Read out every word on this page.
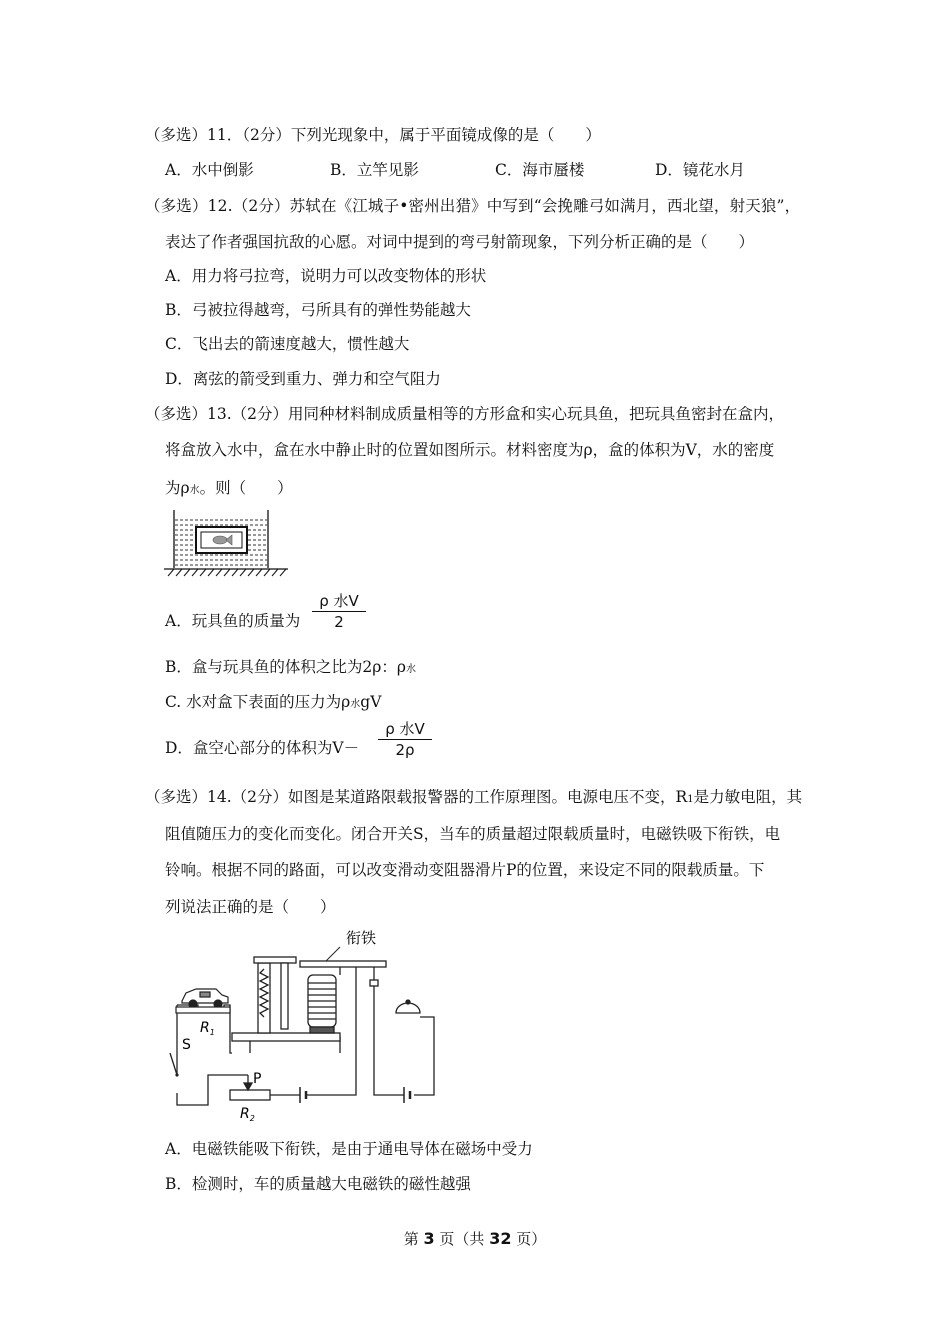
（多选）11．（2分）下列光现象中，属于平面镜成像的是（　　）
A．水中倒影	B．立竿见影	C．海市蜃楼	D．镜花水月
（多选）12.（2分）苏轼在《江城子•密州出猎》中写到“会挽雕弓如满月，西北望，射天狼”，
表达了作者强国抗敌的心愿。对词中提到的弯弓射箭现象，下列分析正确的是（　　）
A．用力将弓拉弯，说明力可以改变物体的形状
B．弓被拉得越弯，弓所具有的弹性势能越大
C．飞出去的箭速度越大，惯性越大
D．离弦的箭受到重力、弹力和空气阻力
（多选）13.（2分）用同种材料制成质量相等的方形盒和实心玩具鱼，把玩具鱼密封在盒内，
将盒放入水中，盒在水中静止时的位置如图所示。材料密度为ρ，盒的体积为V，水的密度
为ρ水。则（　　）
A．玩具鱼的质量为
ρ 水V
2
B．盒与玩具鱼的体积之比为2ρ：ρ水
C. 水对盒下表面的压力为ρ水gV
D．盒空心部分的体积为V－
ρ 水V
2ρ
（多选）14.（2分）如图是某道路限载报警器的工作原理图。电源电压不变，R1是力敏电阻，其
阻值随压力的变化而变化。闭合开关S，当车的质量超过限载质量时，电磁铁吸下衔铁，电
铃响。根据不同的路面，可以改变滑动变阻器滑片P的位置，来设定不同的限载质量。下
列说法正确的是（　　）
衔铁
$R_1$
S
P
$R_2$
A．电磁铁能吸下衔铁，是由于通电导体在磁场中受力
B．检测时，车的质量越大电磁铁的磁性越强
第 3 页（共 32 页）
